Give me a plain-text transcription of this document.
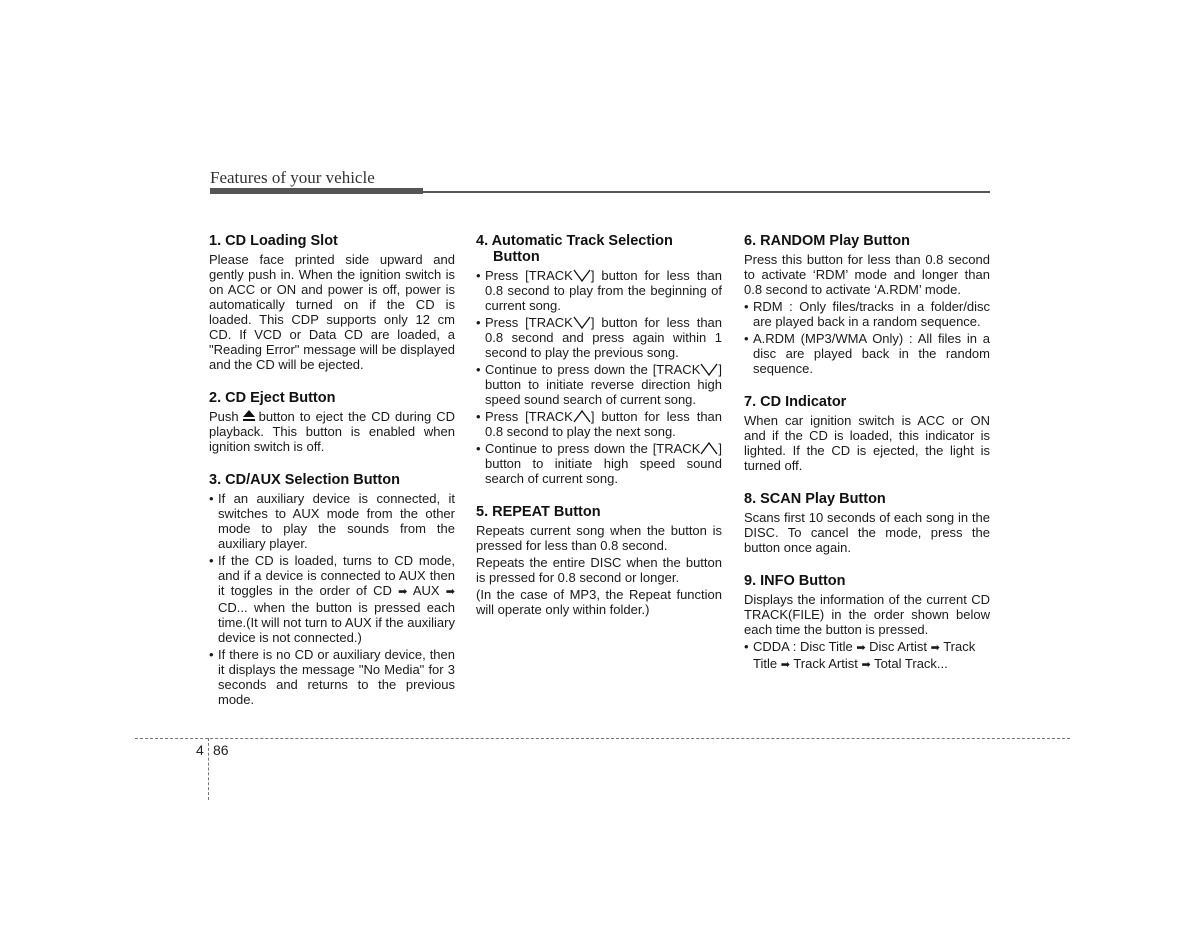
Features of your vehicle
1. CD Loading Slot

Please face printed side upward and gently push in. When the ignition switch is on ACC or ON and power is off, power is automatically turned on if the CD is loaded. This CDP supports only 12 cm CD. If VCD or Data CD are loaded, a "Reading Error" message will be displayed and the CD will be ejected.

2. CD Eject Button

Push button to eject the CD during CD playback. This button is enabled when ignition switch is off.

3. CD/AUX Selection Button
• If an auxiliary device is connected, it switches to AUX mode from the other mode to play the sounds from the auxiliary player.
• If the CD is loaded, turns to CD mode, and if a device is connected to AUX then it toggles in the order of CD ➡ AUX ➡ CD... when the button is pressed each time.(It will not turn to AUX if the auxiliary device is not connected.)
• If there is no CD or auxiliary device, then it displays the message "No Media" for 3 seconds and returns to the previous mode.
4. Automatic Track Selection Button
• Press [TRACK ] button for less than 0.8 second to play from the beginning of current song.
• Press [TRACK ] button for less than 0.8 second and press again within 1 second to play the previous song.
• Continue to press down the [TRACK ] button to initiate reverse direction high speed sound search of current song.
• Press [TRACK ] button for less than 0.8 second to play the next song.
• Continue to press down the [TRACK ] button to initiate high speed sound search of current song.
5. REPEAT Button

Repeats current song when the button is pressed for less than 0.8 second.

Repeats the entire DISC when the button is pressed for 0.8 second or longer.

(In the case of MP3, the Repeat function will operate only within folder.)

6. RANDOM Play Button

Press this button for less than 0.8 second to activate ‘RDM’ mode and longer than 0.8 second to activate ‘A.RDM’ mode.

• RDM : Only files/tracks in a folder/disc are played back in a random sequence.
• A.RDM (MP3/WMA Only) : All files in a disc are played back in the random sequence.
7. CD Indicator

When car ignition switch is ACC or ON and if the CD is loaded, this indicator is lighted. If the CD is ejected, the light is turned off.

8. SCAN Play Button

Scans first 10 seconds of each song in the DISC. To cancel the mode, press the button once again.

9. INFO Button

Displays the information of the current CD TRACK(FILE) in the order shown below each time the button is pressed.

• CDDA : Disc Title ➡ Disc Artist ➡ Track Title ➡ Track Artist ➡ Total Track...
4 86
